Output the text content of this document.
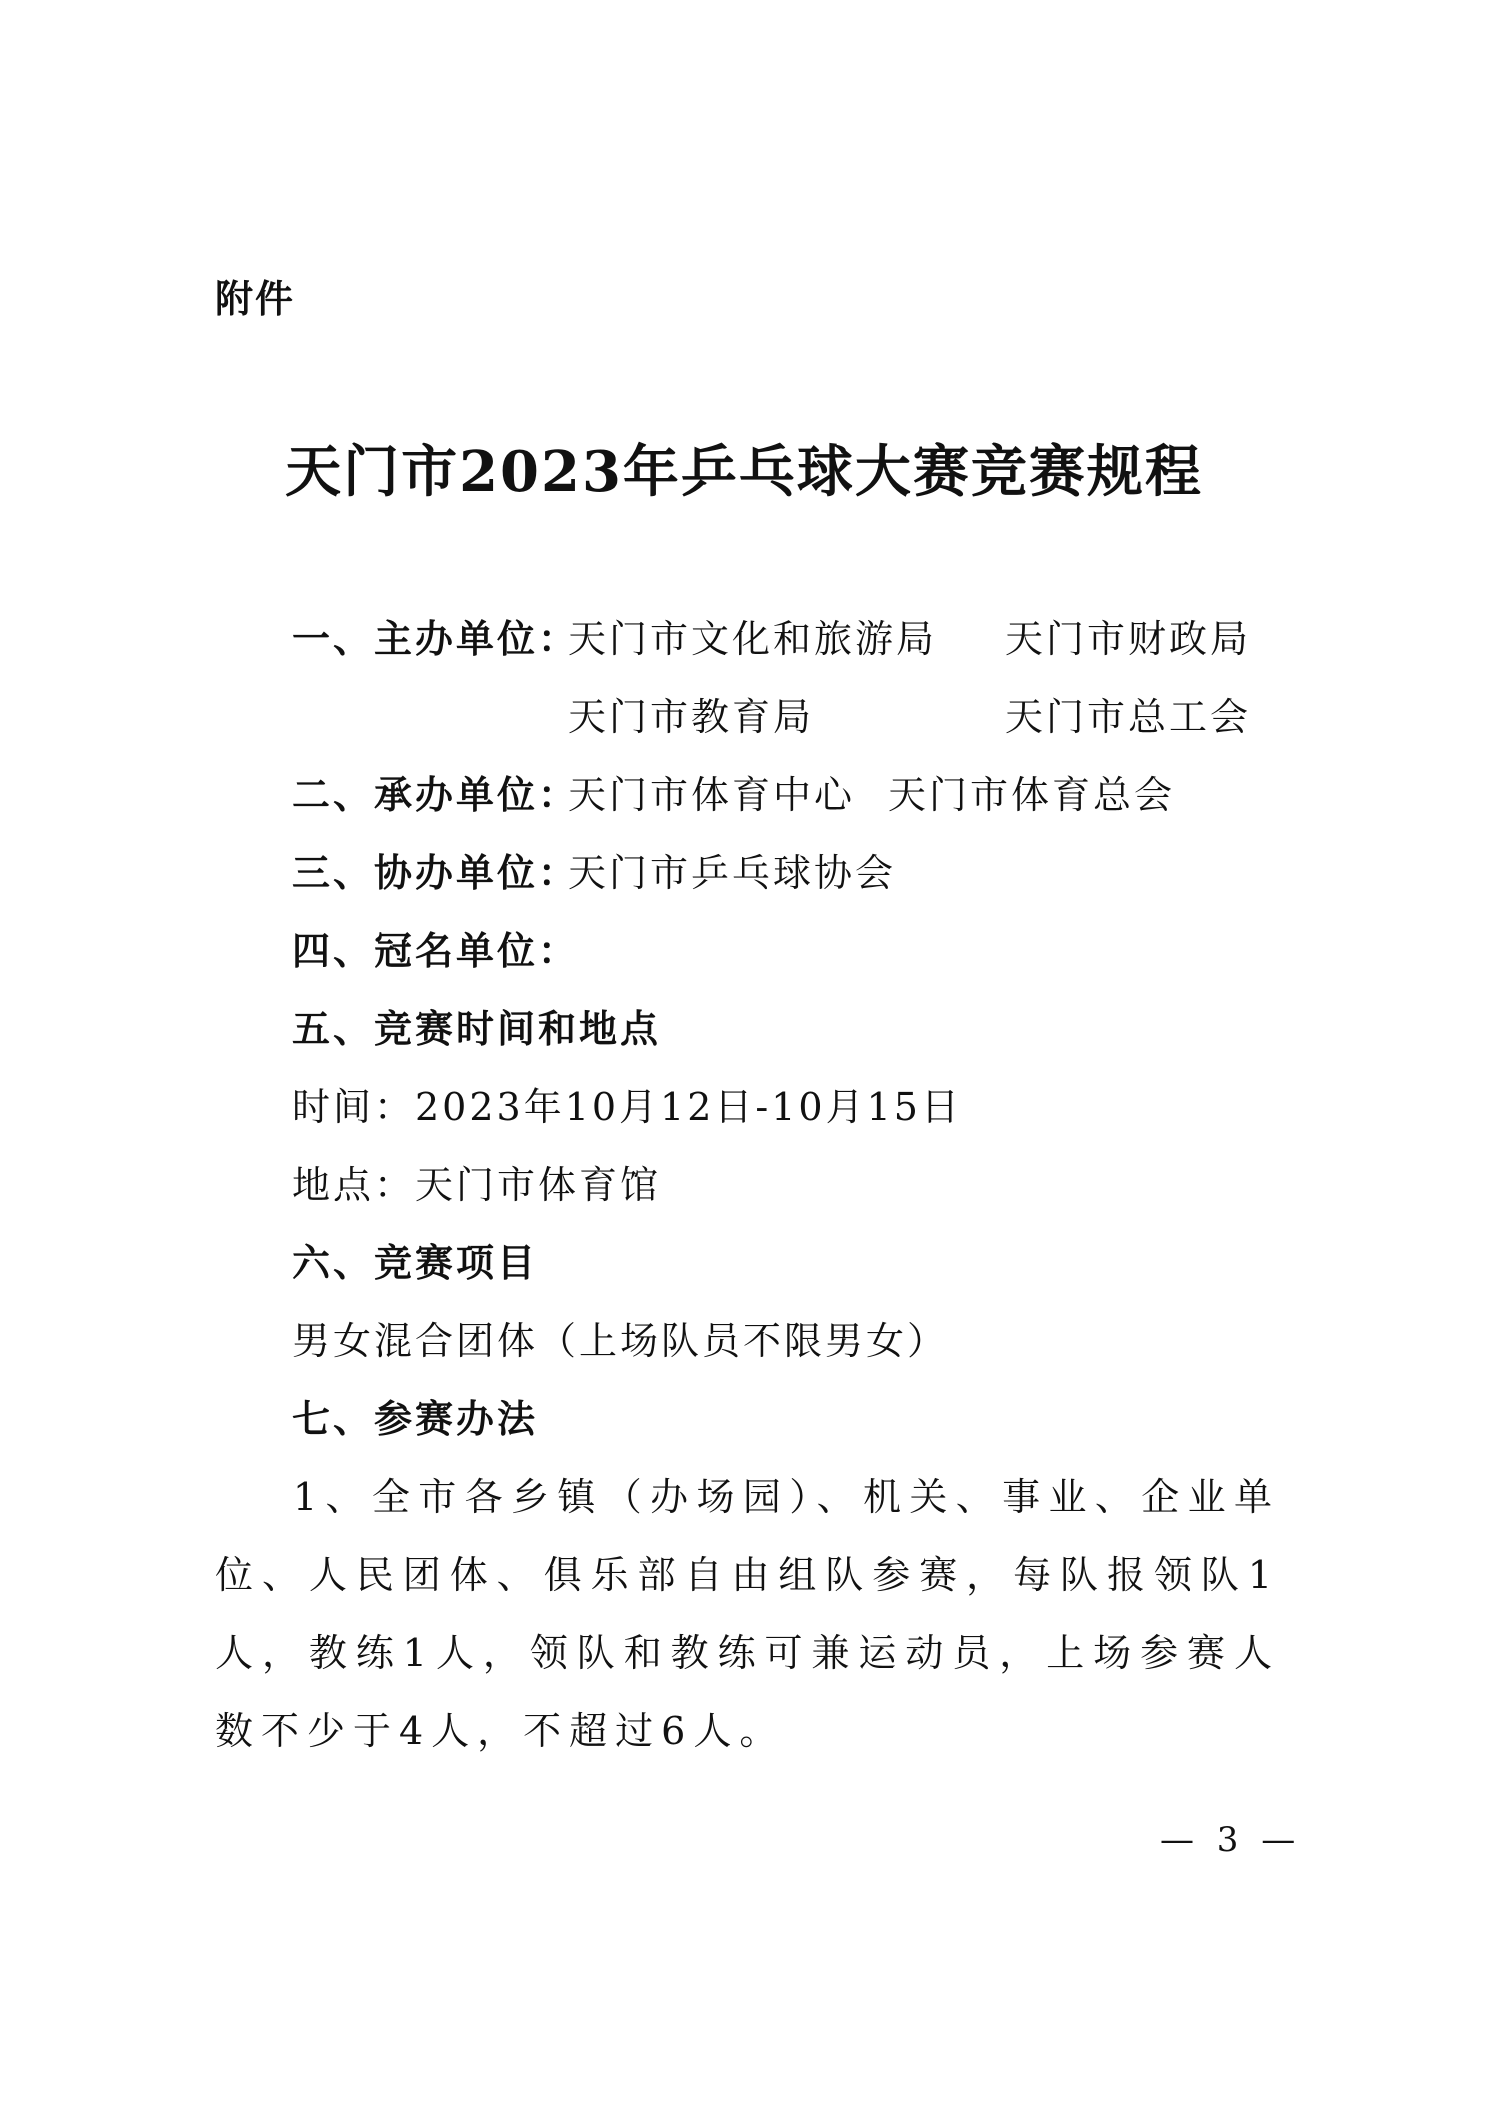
附件
天门市2023年乒乓球大赛竞赛规程
一、主办单位：
天门市文化和旅游局 天门市财政局
天门市教育局	天门市总工会
二、承办单位：
天门市体育中心 天门市体育总会
三、协办单位：
天门市乒乓球协会
四、冠名单位：
五、竞赛时间和地点
时间：2023年10月12日-10月15日
地点：天门市体育馆
六、竞赛项目
男女混合团体（上场队员不限男女）
七、参赛办法
1、全市各乡镇（办场园）、机关、事业、企业单位、人民团体、俱乐部自由组队参赛，每队报领队1人，教练1人，领队和教练可兼运动员，上场参赛人数不少于4人，不超过6人。
— 3 —
